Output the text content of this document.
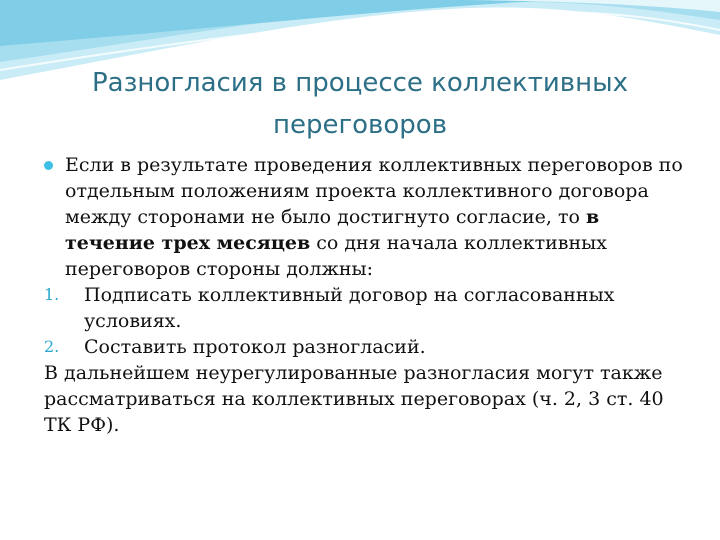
Разногласия в процессе коллективных
переговоров
Если в результате проведения коллективных переговоров по отдельным положениям проекта коллективного договора между сторонами не было достигнуто согласие, то в течение трех месяцев со дня начала коллективных переговоров стороны должны:
1. Подписать коллективный договор на согласованных условиях.
2. Составить протокол разногласий.
В дальнейшем неурегулированные разногласия могут также рассматриваться на коллективных переговорах (ч. 2, 3 ст. 40 ТК РФ).
